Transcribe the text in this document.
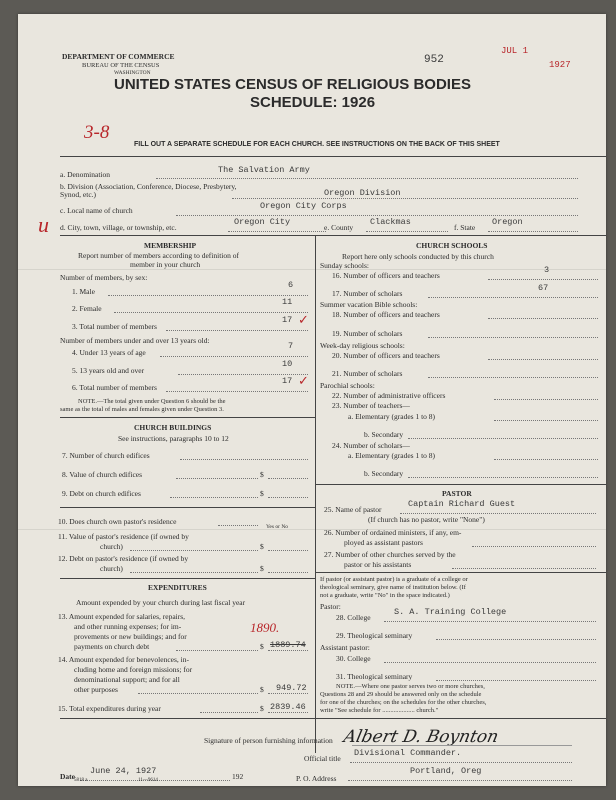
DEPARTMENT OF COMMERCE
BUREAU OF THE CENSUS
WASHINGTON
952
JUL 1
1927
UNITED STATES CENSUS OF RELIGIOUS BODIES
SCHEDULE: 1926
3-8
FILL OUT A SEPARATE SCHEDULE FOR EACH CHURCH. SEE INSTRUCTIONS ON THE BACK OF THIS SHEET
a. Denomination	The Salvation Army
b. Division (Association, Conference, Diocese, Presbytery, Synod, etc.)	Oregon Division
c. Local name of church	Oregon City Corps
u d. City, town, village, or township, etc.
Oregon City
e. County
Clackmas
f. State
Oregon
MEMBERSHIP
Report number of members according to definition of
member in your church
Number of members, by sex:
1. Male
6
2. Female
11
3. Total number of members
17 ✓
Number of members under and over 13 years old:
4. Under 13 years of age
7
5. 13 years old and over
10
6. Total number of members
17 ✓
NOTE.—The total given under Question 6 should be the
same as the total of males and females given under Question 3.
CHURCH BUILDINGS
See instructions, paragraphs 10 to 12
7. Number of church edifices
8. Value of church edifices	$
9. Debt on church edifices	$
10. Does church own pastor's residence
Yes or No
11. Value of pastor's residence (if owned by
church)	$
12. Debt on pastor's residence (if owned by
church)	$
EXPENDITURES
Amount expended by your church during last fiscal year
13. Amount expended for salaries, repairs,
and other running expenses; for im-
provements or new buildings; and for
payments on church debt	$ 1889.74
1890.
14. Amount expended for benevolences, in-
cluding home and foreign missions; for
denominational support; and for all
other purposes	$ 949.72
15. Total expenditures during year	$ 2839.46
CHURCH SCHOOLS
Report here only schools conducted by this church
Sunday schools:
16. Number of officers and teachers
3
17. Number of scholars
67
Summer vacation Bible schools:
18. Number of officers and teachers
19. Number of scholars
Week-day religious schools:
20. Number of officers and teachers
21. Number of scholars
Parochial schools:
22. Number of administrative officers
23. Number of teachers—
a. Elementary (grades 1 to 8)
b. Secondary
24. Number of scholars—
a. Elementary (grades 1 to 8)
b. Secondary
PASTOR
25. Name of pastor
Captain Richard Guest
(If church has no pastor, write "None")
26. Number of ordained ministers, if any, em-
ployed as assistant pastors
27. Number of other churches served by the
pastor or his assistants
If pastor (or assistant pastor) is a graduate of a college or
theological seminary, give name of institution below. (If
not a graduate, write "No" in the space indicated.)
Pastor:
28. College
S. A. Training College
29. Theological seminary
Assistant pastor:
30. College
31. Theological seminary
NOTE.—Where one pastor serves two or more churches,
Questions 28 and 29 should be answered only on the schedule
for one of the churches; on the schedules for the other churches,
write "See schedule for .................... church."
Signature of person furnishing information Albert D. Boynton
Official title
Divisional Commander.
Date
June 24, 1927
192	P. O. Address
Portland, Oreg
5818 a	11—9614
